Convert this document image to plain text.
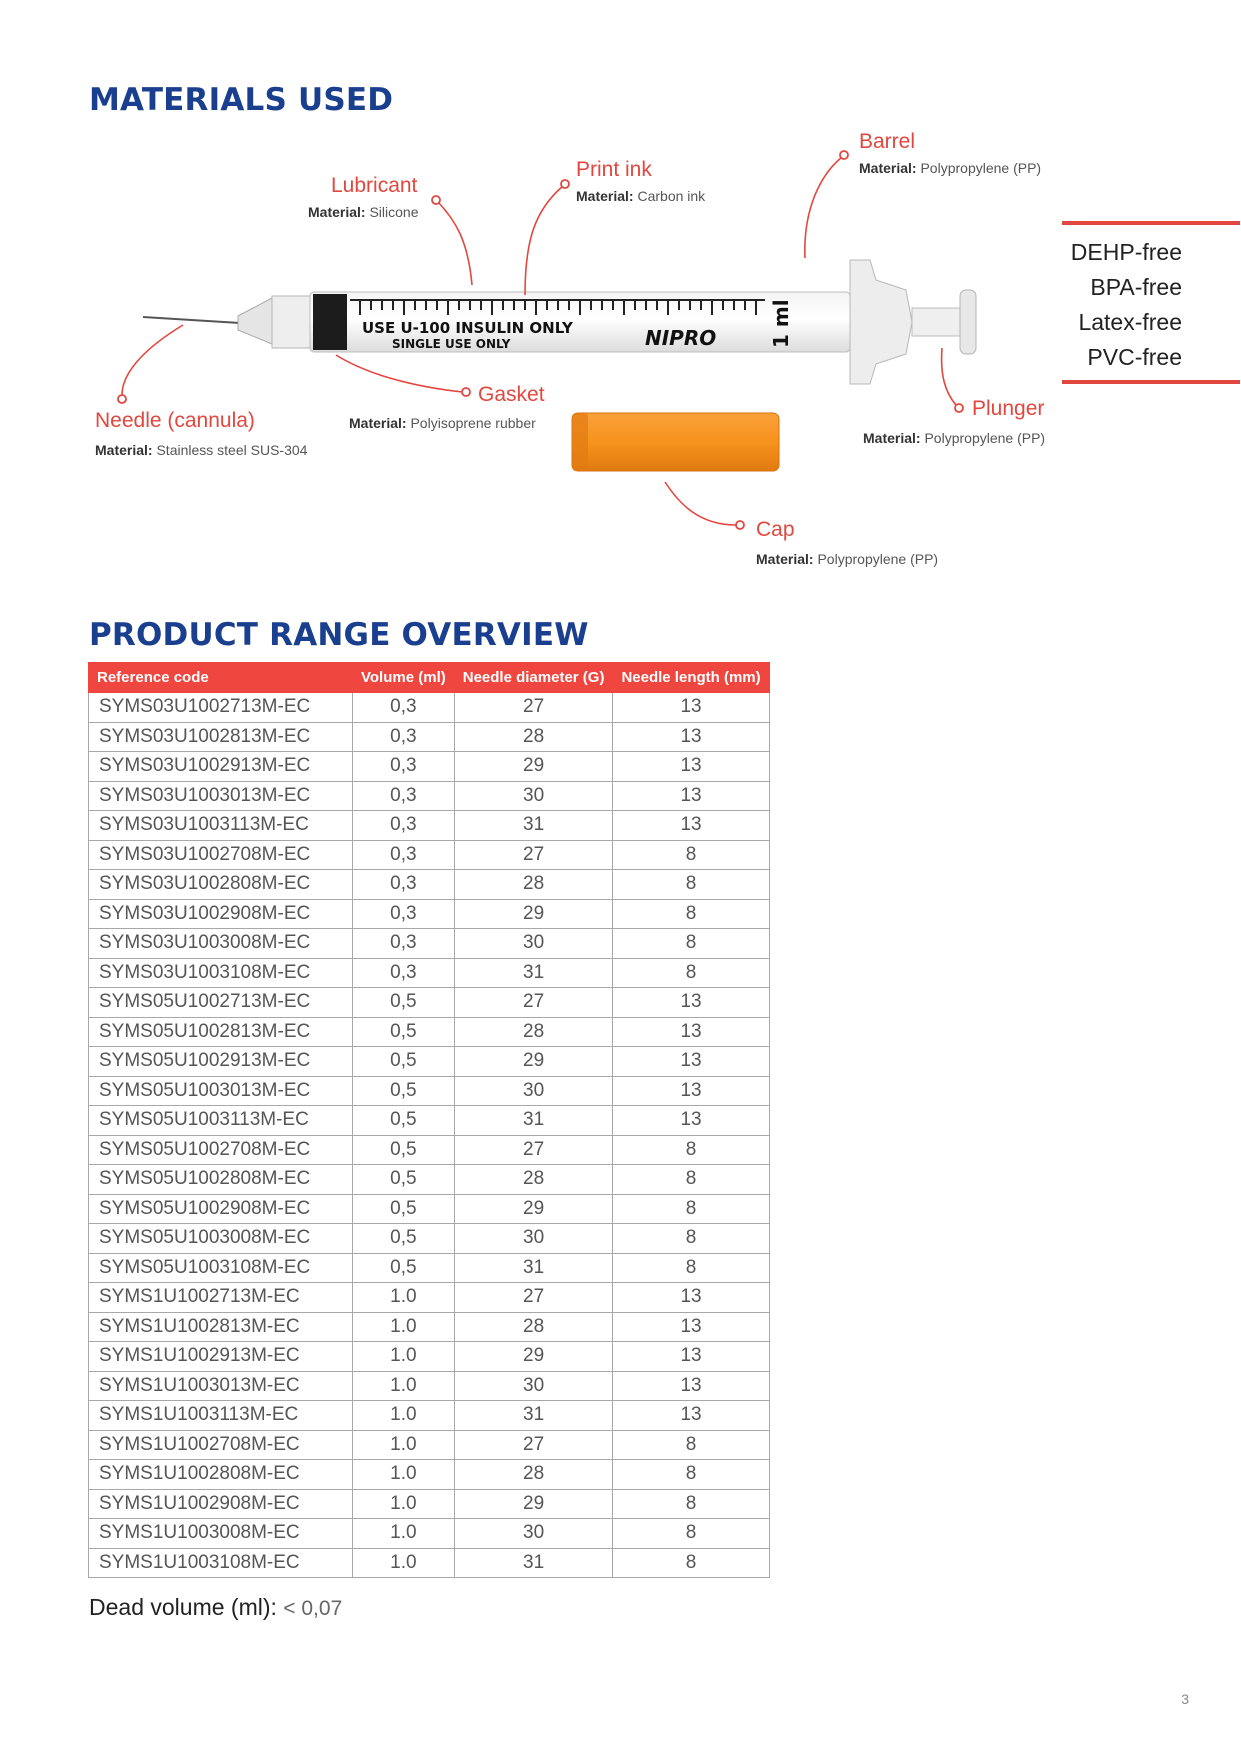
MATERIALS USED
USE U-100 INSULIN ONLY
SINGLE USE ONLY	NIPRO	1 ml
Barrel
Material: Polypropylene (PP)
Print ink
Material: Carbon ink
Lubricant
Material: Silicone
Needle (cannula)
Material: Stainless steel SUS-304
Gasket
Material: Polyisoprene rubber
Plunger
Material: Polypropylene (PP)
Cap
Material: Polypropylene (PP)
DEHP-free
BPA-free
Latex-free
PVC-free
PRODUCT RANGE OVERVIEW
Reference code	Volume (ml)	Needle diameter (G)	Needle length (mm)
SYMS03U1002713M-EC	0,3	27	13
SYMS03U1002813M-EC	0,3	28	13
SYMS03U1002913M-EC	0,3	29	13
SYMS03U1003013M-EC	0,3	30	13
SYMS03U1003113M-EC	0,3	31	13
SYMS03U1002708M-EC	0,3	27	8
SYMS03U1002808M-EC	0,3	28	8
SYMS03U1002908M-EC	0,3	29	8
SYMS03U1003008M-EC	0,3	30	8
SYMS03U1003108M-EC	0,3	31	8
SYMS05U1002713M-EC	0,5	27	13
SYMS05U1002813M-EC	0,5	28	13
SYMS05U1002913M-EC	0,5	29	13
SYMS05U1003013M-EC	0,5	30	13
SYMS05U1003113M-EC	0,5	31	13
SYMS05U1002708M-EC	0,5	27	8
SYMS05U1002808M-EC	0,5	28	8
SYMS05U1002908M-EC	0,5	29	8
SYMS05U1003008M-EC	0,5	30	8
SYMS05U1003108M-EC	0,5	31	8
SYMS1U1002713M-EC	1.0	27	13
SYMS1U1002813M-EC	1.0	28	13
SYMS1U1002913M-EC	1.0	29	13
SYMS1U1003013M-EC	1.0	30	13
SYMS1U1003113M-EC	1.0	31	13
SYMS1U1002708M-EC	1.0	27	8
SYMS1U1002808M-EC	1.0	28	8
SYMS1U1002908M-EC	1.0	29	8
SYMS1U1003008M-EC	1.0	30	8
SYMS1U1003108M-EC	1.0	31	8
Dead volume (ml): < 0,07
3
